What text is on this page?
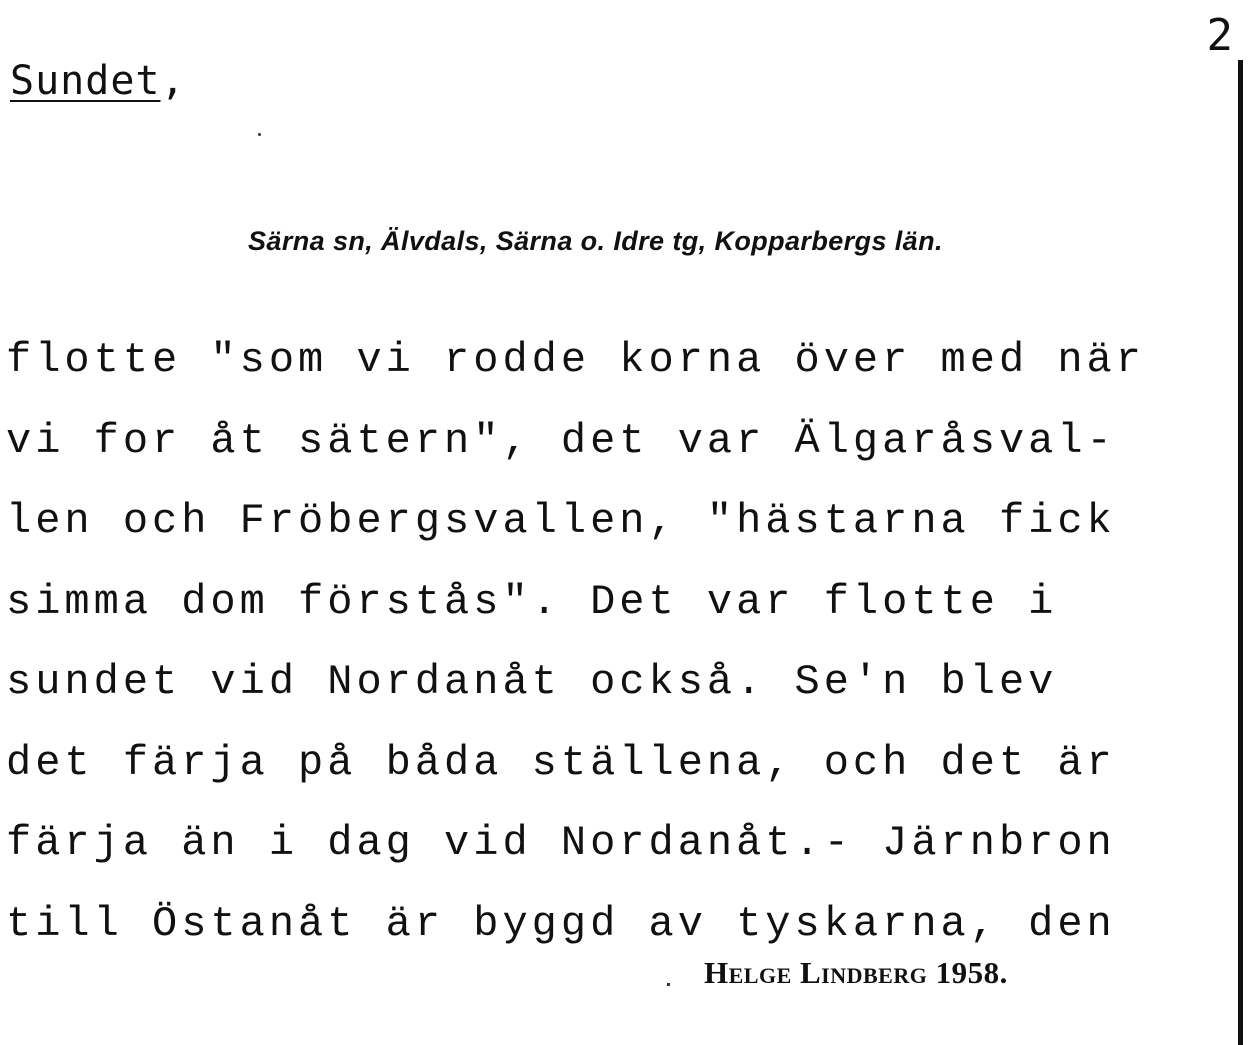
2
Sundet,
Särna sn, Älvdals, Särna o. Idre tg, Kopparbergs län.
flotte "som vi rodde korna över med när
vi for åt sätern", det var Älgaråsval-
len och Fröbergsvallen, "hästarna fick
simma dom förstås". Det var flotte i
sundet vid Nordanåt också. Se'n blev
det färja på båda ställena, och det är
färja än i dag vid Nordanåt.- Järnbron
till Östanåt är byggd av tyskarna, den
Helge Lindberg 1958.
